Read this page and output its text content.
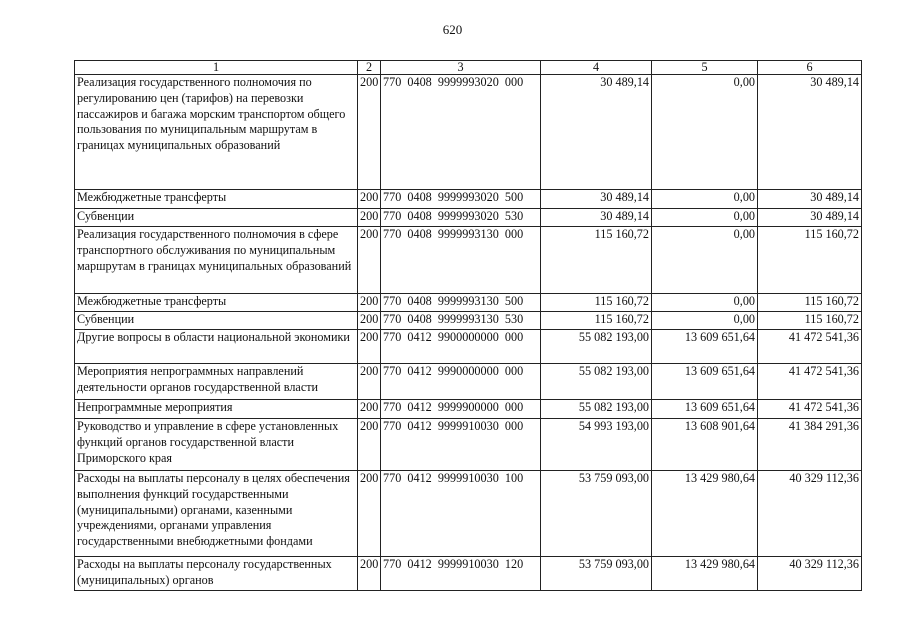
620
1	2	3	4	5	6
Реализация государственного полномочия по регулированию цен (тарифов) на перевозки пассажиров и багажа морским транспортом общего пользования по муниципальным маршрутам в границах муниципальных образований	200	770  0408  9999993020  000	30 489,14	0,00	30 489,14
Межбюджетные трансферты	200	770  0408  9999993020  500	30 489,14	0,00	30 489,14
Субвенции	200	770  0408  9999993020  530	30 489,14	0,00	30 489,14
Реализация государственного полномочия в сфере транспортного обслуживания по муниципальным маршрутам в границах муниципальных образований	200	770  0408  9999993130  000	115 160,72	0,00	115 160,72
Межбюджетные трансферты	200	770  0408  9999993130  500	115 160,72	0,00	115 160,72
Субвенции	200	770  0408  9999993130  530	115 160,72	0,00	115 160,72
Другие вопросы в области национальной экономики	200	770  0412  9900000000  000	55 082 193,00	13 609 651,64	41 472 541,36
Мероприятия непрограммных направлений деятельности органов государственной власти	200	770  0412  9990000000  000	55 082 193,00	13 609 651,64	41 472 541,36
Непрограммные мероприятия	200	770  0412  9999900000  000	55 082 193,00	13 609 651,64	41 472 541,36
Руководство и управление в сфере установленных функций органов государственной власти Приморского края	200	770  0412  9999910030  000	54 993 193,00	13 608 901,64	41 384 291,36
Расходы на выплаты персоналу в целях обеспечения выполнения функций государственными (муниципальными) органами, казенными учреждениями, органами управления государственными внебюджетными фондами	200	770  0412  9999910030  100	53 759 093,00	13 429 980,64	40 329 112,36
Расходы на выплаты персоналу государственных (муниципальных) органов	200	770  0412  9999910030  120	53 759 093,00	13 429 980,64	40 329 112,36
